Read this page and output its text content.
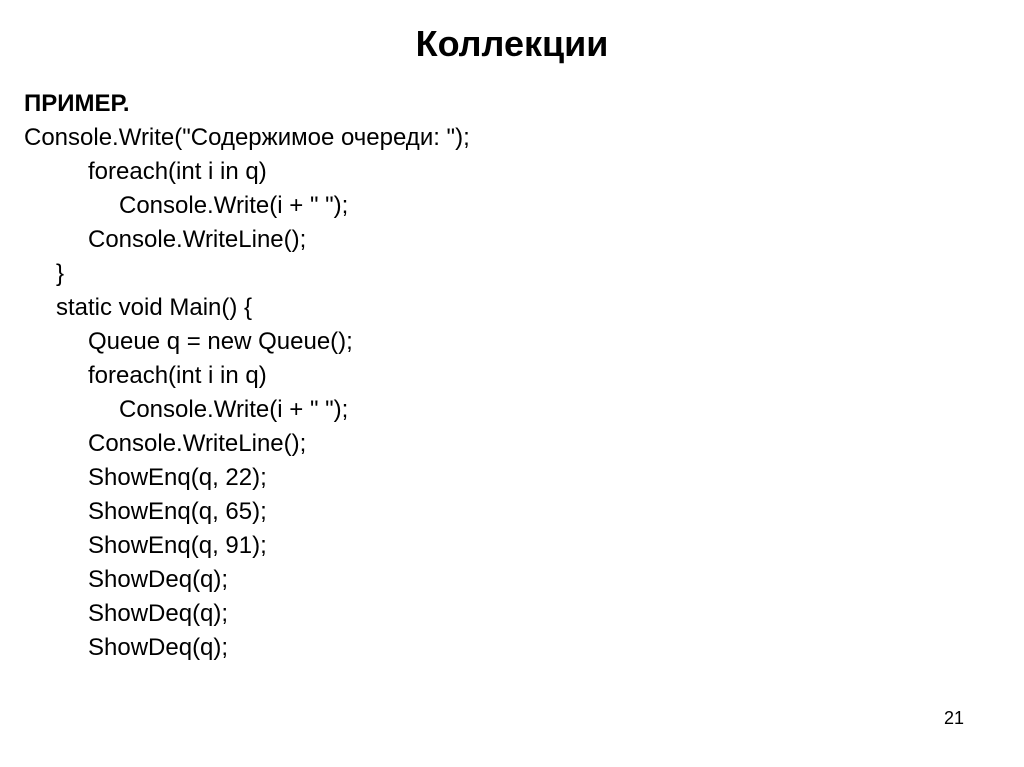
Коллекции
ПРИМЕР.
Console.Write("Содержимое очереди: ");
foreach(int i in q)
Console.Write(i + " ");
Console.WriteLine();
}
static void Main() {
Queue q = new Queue();
foreach(int i in q)
Console.Write(i + " ");
Console.WriteLine();
ShowEnq(q, 22);
ShowEnq(q, 65);
ShowEnq(q, 91);
ShowDeq(q);
ShowDeq(q);
ShowDeq(q);
21
